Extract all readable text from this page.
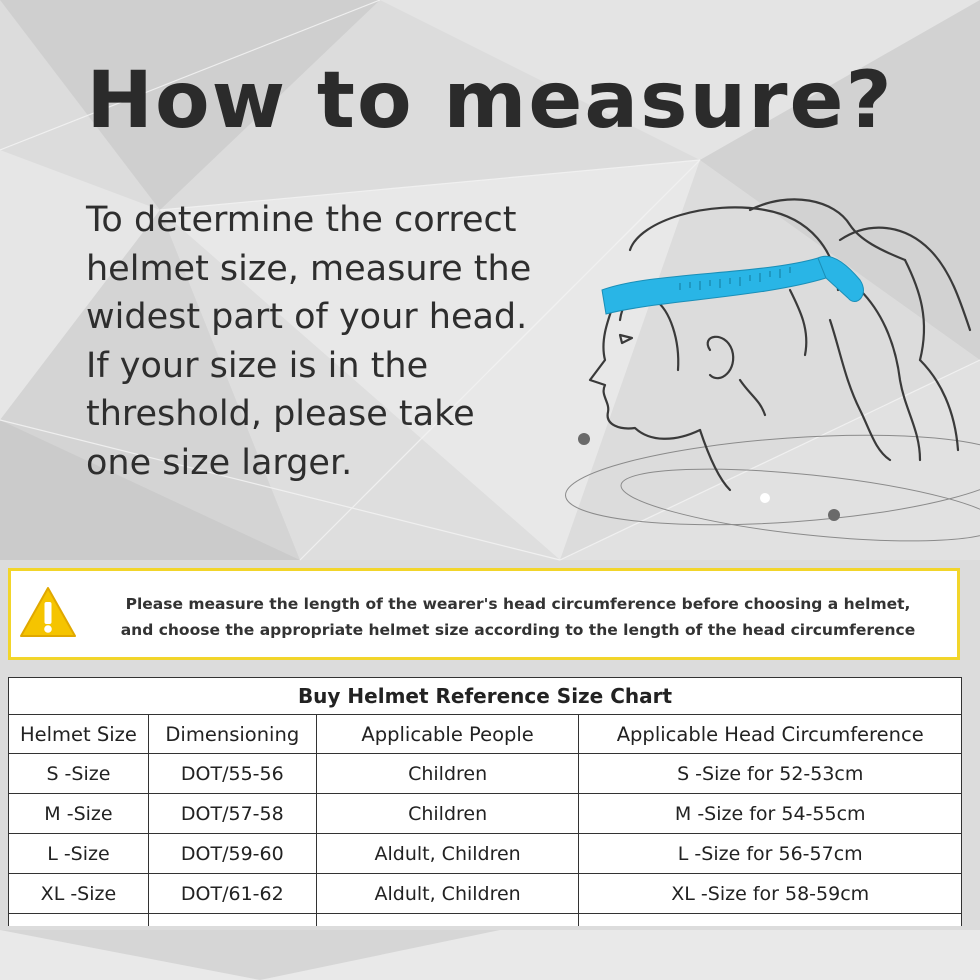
How to measure?

To determine the correct
helmet size, measure the
widest part of your head.
If your size is in the
threshold, please take
one size larger.

Please measure the length of the wearer's head circumference before choosing a helmet,
and choose the appropriate helmet size according to the length of the head circumference
Buy Helmet Reference Size Chart			
Helmet Size	Dimensioning	Applicable People	Applicable Head Circumference
S -Size	DOT/55-56	Children	S -Size for 52-53cm
M -Size	DOT/57-58	Children	M -Size for 54-55cm
L -Size	DOT/59-60	Aldult, Children	L -Size for 56-57cm
XL -Size	DOT/61-62	Aldult, Children	XL -Size for 58-59cm
